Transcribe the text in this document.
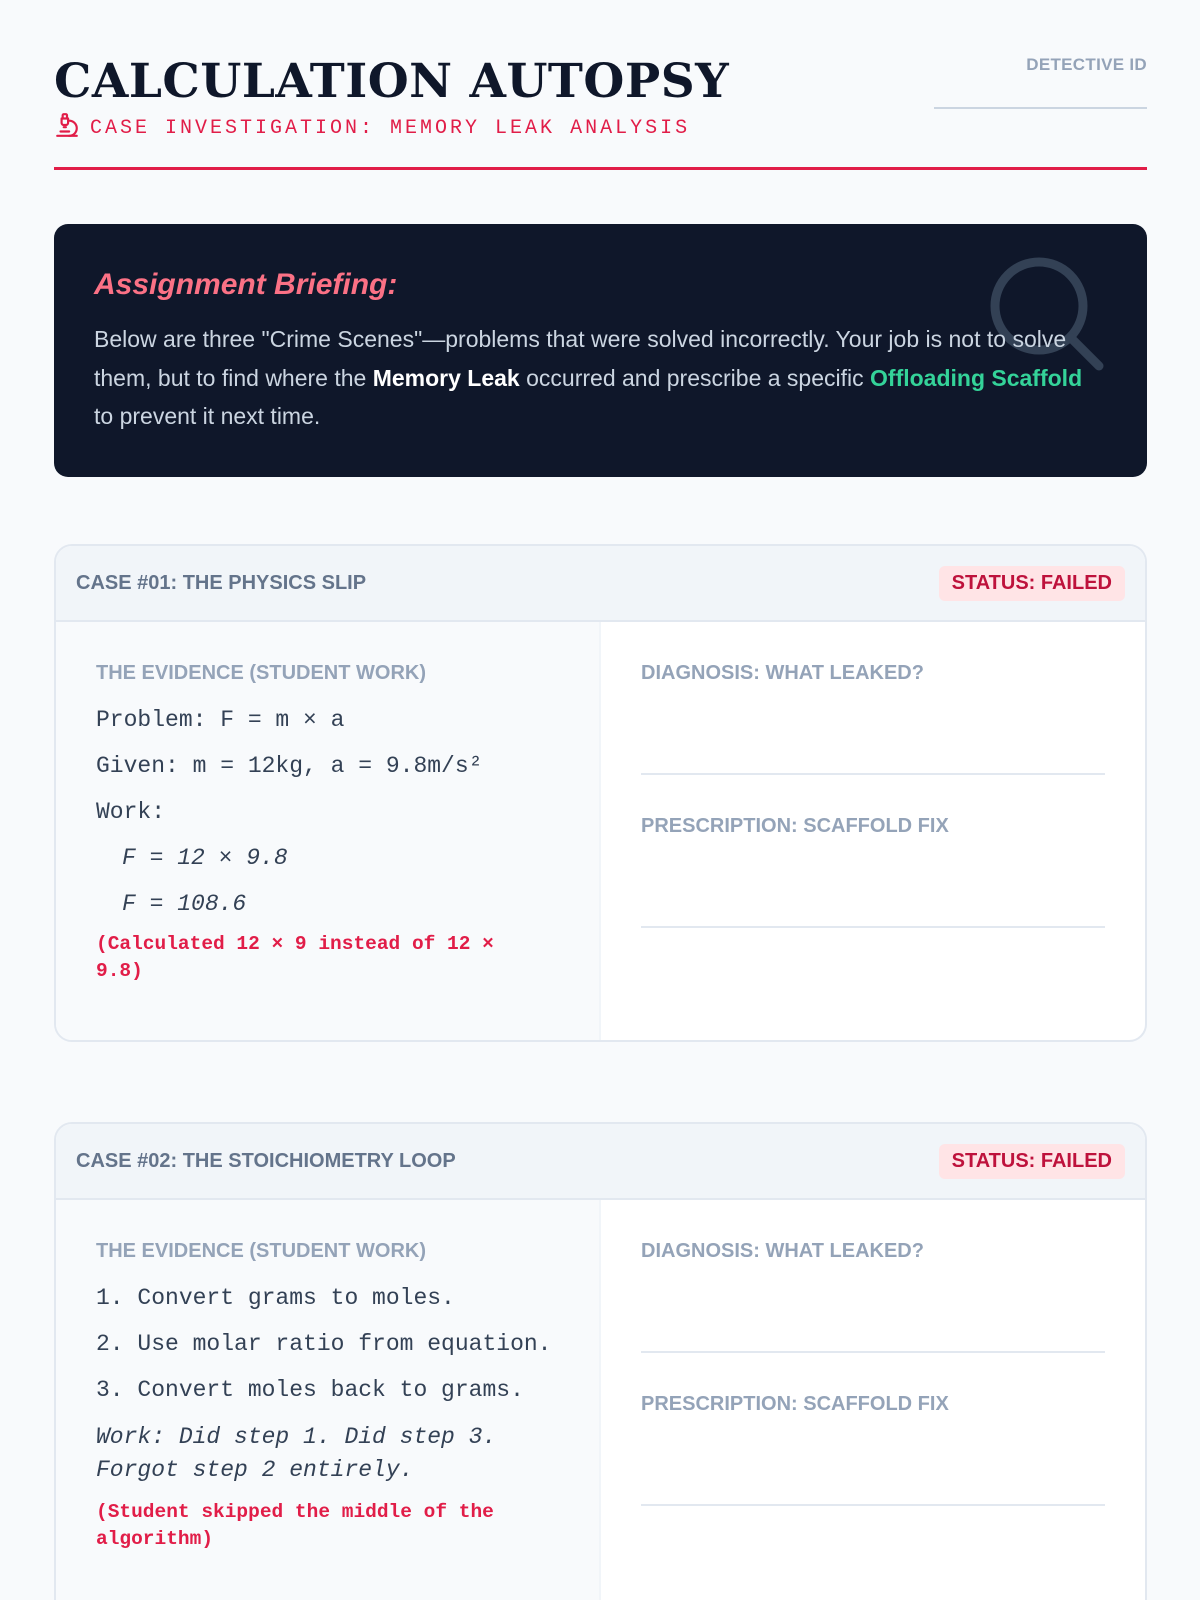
CALCULATION AUTOPSY
CASE INVESTIGATION: MEMORY LEAK ANALYSIS
DETECTIVE ID
Assignment Briefing:
Below are three "Crime Scenes"—problems that were solved incorrectly. Your job is not to solve them, but to find where the Memory Leak occurred and prescribe a specific Offloading Scaffold to prevent it next time.
CASE #01: THE PHYSICS SLIP	STATUS: FAILED
THE EVIDENCE (STUDENT WORK)
Problem: F = m × a
Given: m = 12kg, a = 9.8m/s²
Work:
F = 12 × 9.8
F = 108.6
(Calculated 12 × 9 instead of 12 × 9.8)
DIAGNOSIS: WHAT LEAKED?
PRESCRIPTION: SCAFFOLD FIX
CASE #02: THE STOICHIOMETRY LOOP	STATUS: FAILED
THE EVIDENCE (STUDENT WORK)
1. Convert grams to moles.
2. Use molar ratio from equation.
3. Convert moles back to grams.
Work: Did step 1. Did step 3. Forgot step 2 entirely.
(Student skipped the middle of the algorithm)
DIAGNOSIS: WHAT LEAKED?
PRESCRIPTION: SCAFFOLD FIX
